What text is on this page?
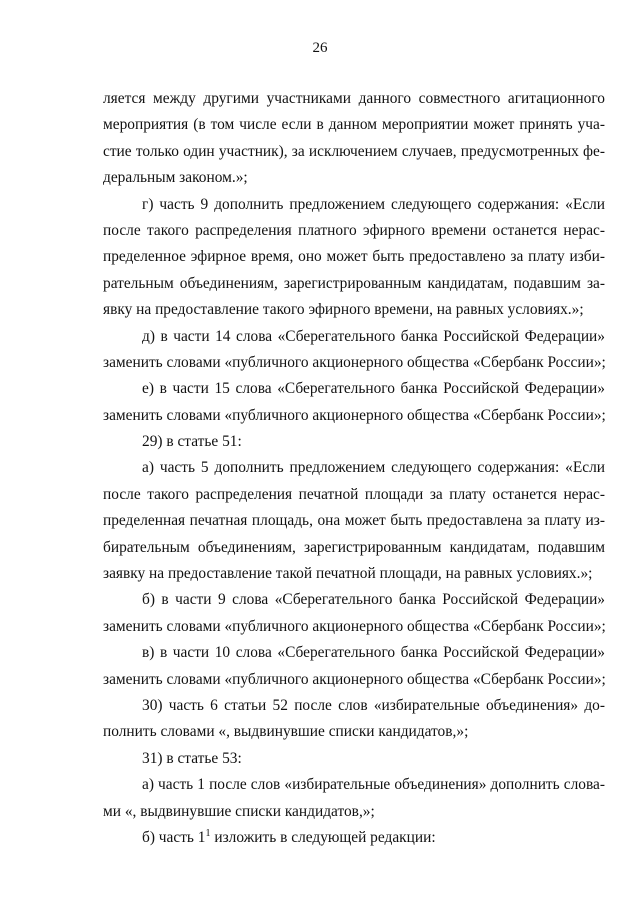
26
ляется между другими участниками данного совместного агитационного
мероприятия (в том числе если в данном мероприятии может принять уча-
стие только один участник), за исключением случаев, предусмотренных фе-
деральным законом.»;
г) часть 9 дополнить предложением следующего содержания: «Если
после такого распределения платного эфирного времени останется нерас-
пределенное эфирное время, оно может быть предоставлено за плату изби-
рательным объединениям, зарегистрированным кандидатам, подавшим за-
явку на предоставление такого эфирного времени, на равных условиях.»;
д) в части 14 слова «Сберегательного банка Российской Федерации»
заменить словами «публичного акционерного общества «Сбербанк России»;
е) в части 15 слова «Сберегательного банка Российской Федерации»
заменить словами «публичного акционерного общества «Сбербанк России»;
29) в статье 51:
а) часть 5 дополнить предложением следующего содержания: «Если
после такого распределения печатной площади за плату останется нерас-
пределенная печатная площадь, она может быть предоставлена за плату из-
бирательным объединениям, зарегистрированным кандидатам, подавшим
заявку на предоставление такой печатной площади, на равных условиях.»;
б) в части 9 слова «Сберегательного банка Российской Федерации»
заменить словами «публичного акционерного общества «Сбербанк России»;
в) в части 10 слова «Сберегательного банка Российской Федерации»
заменить словами «публичного акционерного общества «Сбербанк России»;
30) часть 6 статьи 52 после слов «избирательные объединения» до-
полнить словами «, выдвинувшие списки кандидатов,»;
31) в статье 53:
а) часть 1 после слов «избирательные объединения» дополнить слова-
ми «, выдвинувшие списки кандидатов,»;
б) часть $1^1$ изложить в следующей редакции:
